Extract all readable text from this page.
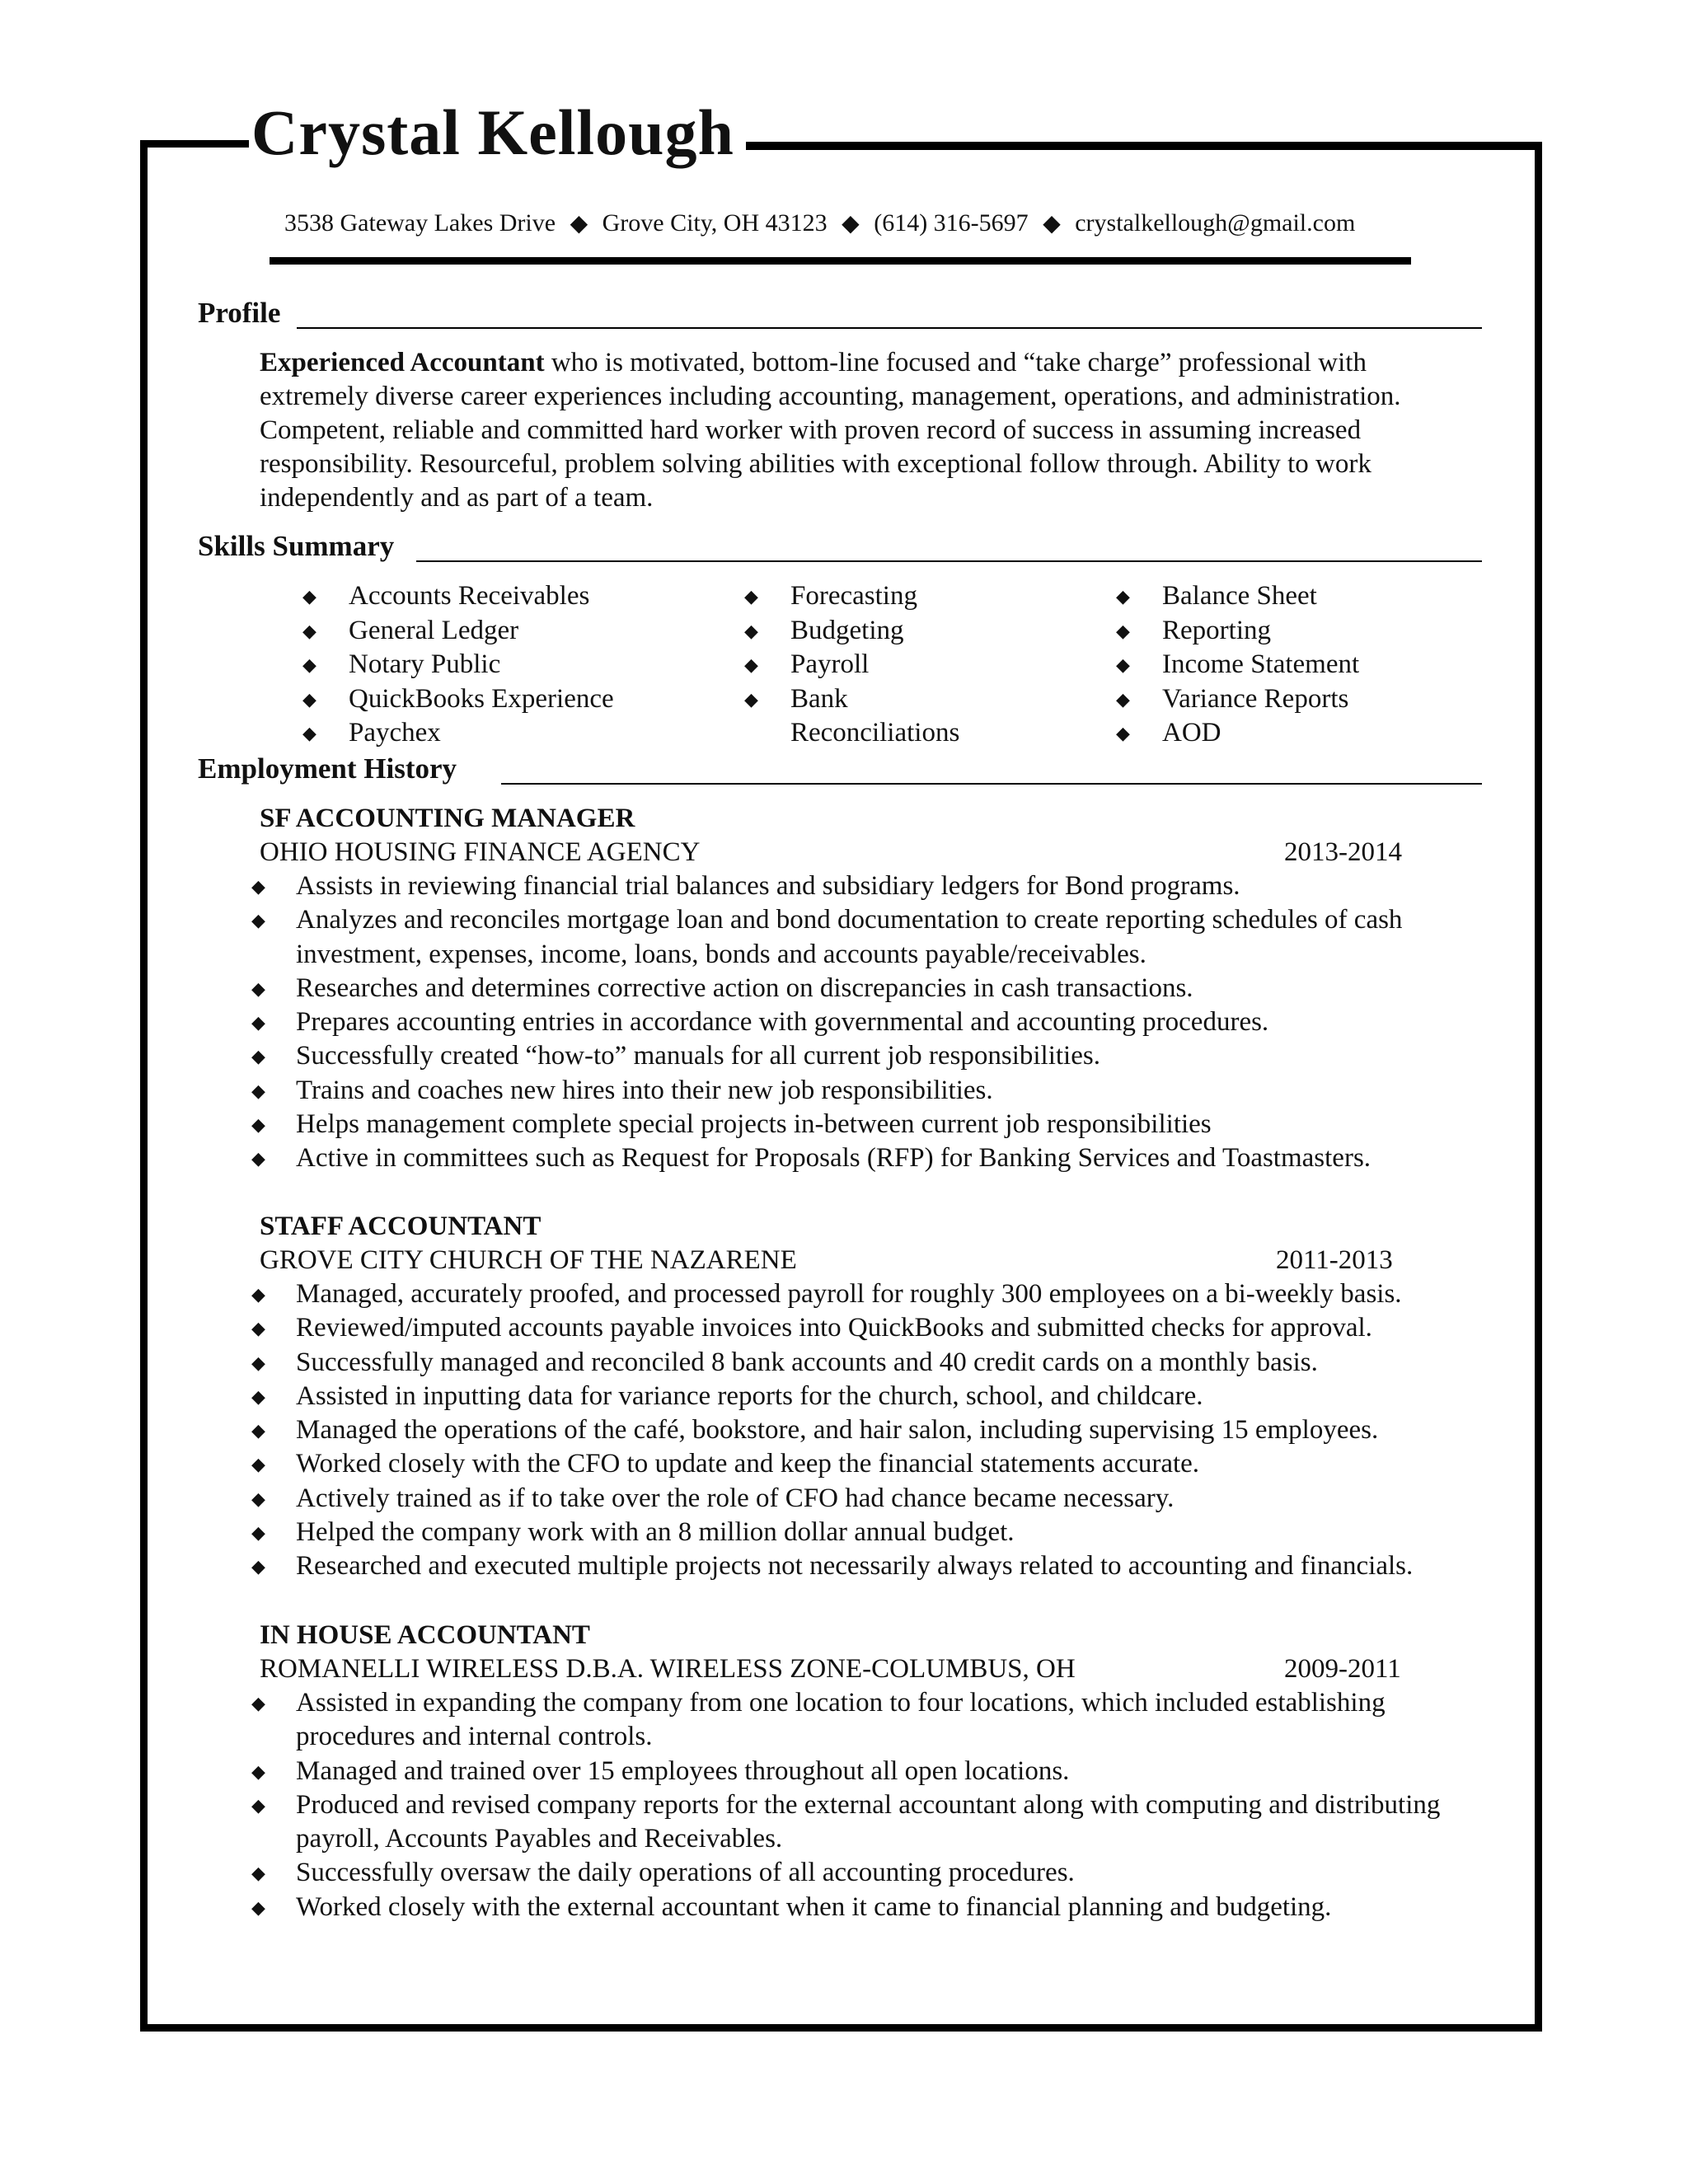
Crystal Kellough
3538 Gateway Lakes Drive ◆ Grove City, OH 43123 ◆ (614) 316-5697 ◆ crystalkellough@gmail.com
Profile
Experienced Accountant who is motivated, bottom-line focused and “take charge” professional with
extremely diverse career experiences including accounting, management, operations, and administration.
Competent, reliable and committed hard worker with proven record of success in assuming increased
responsibility. Resourceful, problem solving abilities with exceptional follow through. Ability to work
independently and as part of a team.
Skills Summary
◆	Accounts Receivables
◆	General Ledger
◆	Notary Public
◆	QuickBooks Experience
◆	Paychex
◆	Forecasting
◆	Budgeting
◆	Payroll
◆	Bank
Reconciliations
◆	Balance Sheet
◆	Reporting
◆	Income Statement
◆	Variance Reports
◆	AOD
Employment History
SF ACCOUNTING MANAGER
OHIO HOUSING FINANCE AGENCY	2013-2014
◆ Assists in reviewing financial trial balances and subsidiary ledgers for Bond programs.
◆ Analyzes and reconciles mortgage loan and bond documentation to create reporting schedules of cash investment, expenses, income, loans, bonds and accounts payable/receivables.
◆ Researches and determines corrective action on discrepancies in cash transactions.
◆ Prepares accounting entries in accordance with governmental and accounting procedures.
◆ Successfully created “how-to” manuals for all current job responsibilities.
◆ Trains and coaches new hires into their new job responsibilities.
◆ Helps management complete special projects in-between current job responsibilities
◆ Active in committees such as Request for Proposals (RFP) for Banking Services and Toastmasters.
STAFF ACCOUNTANT
GROVE CITY CHURCH OF THE NAZARENE	2011-2013
◆ Managed, accurately proofed, and processed payroll for roughly 300 employees on a bi-weekly basis.
◆ Reviewed/imputed accounts payable invoices into QuickBooks and submitted checks for approval.
◆ Successfully managed and reconciled 8 bank accounts and 40 credit cards on a monthly basis.
◆ Assisted in inputting data for variance reports for the church, school, and childcare.
◆ Managed the operations of the café, bookstore, and hair salon, including supervising 15 employees.
◆ Worked closely with the CFO to update and keep the financial statements accurate.
◆ Actively trained as if to take over the role of CFO had chance became necessary.
◆ Helped the company work with an 8 million dollar annual budget.
◆ Researched and executed multiple projects not necessarily always related to accounting and financials.
IN HOUSE ACCOUNTANT
ROMANELLI WIRELESS D.B.A. WIRELESS ZONE-COLUMBUS, OH	2009-2011
◆ Assisted in expanding the company from one location to four locations, which included establishing procedures and internal controls.
◆ Managed and trained over 15 employees throughout all open locations.
◆ Produced and revised company reports for the external accountant along with computing and distributing payroll, Accounts Payables and Receivables.
◆ Successfully oversaw the daily operations of all accounting procedures.
◆ Worked closely with the external accountant when it came to financial planning and budgeting.
